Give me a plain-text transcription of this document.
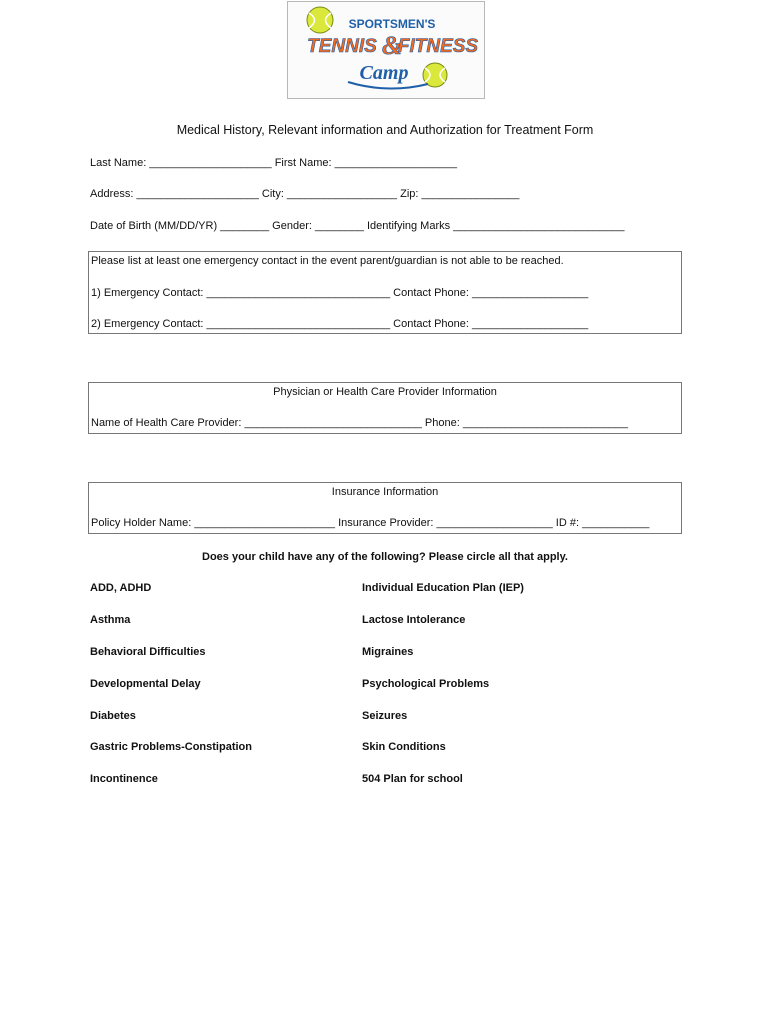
SPORTSMEN'S
TENNIS &
FITNESS
Camp
Medical History, Relevant information and Authorization for Treatment Form
Last Name: ____________________ First Name: ____________________
Address: ____________________ City: __________________ Zip: ________________
Date of Birth (MM/DD/YR) ________ Gender: ________ Identifying Marks ____________________________
Please list at least one emergency contact in the event parent/guardian is not able to be reached.
1) Emergency Contact: ______________________________ Contact Phone: ___________________
2) Emergency Contact: ______________________________ Contact Phone: ___________________
Physician or Health Care Provider Information
Name of Health Care Provider: _____________________________ Phone: ___________________________
Insurance Information
Policy Holder Name: _______________________ Insurance Provider: ___________________ ID #: ___________
Does your child have any of the following? Please circle all that apply.
ADD, ADHD
Asthma
Behavioral Difficulties
Developmental Delay
Diabetes
Gastric Problems-Constipation
Incontinence
Individual Education Plan (IEP)
Lactose Intolerance
Migraines
Psychological Problems
Seizures
Skin Conditions
504 Plan for school
